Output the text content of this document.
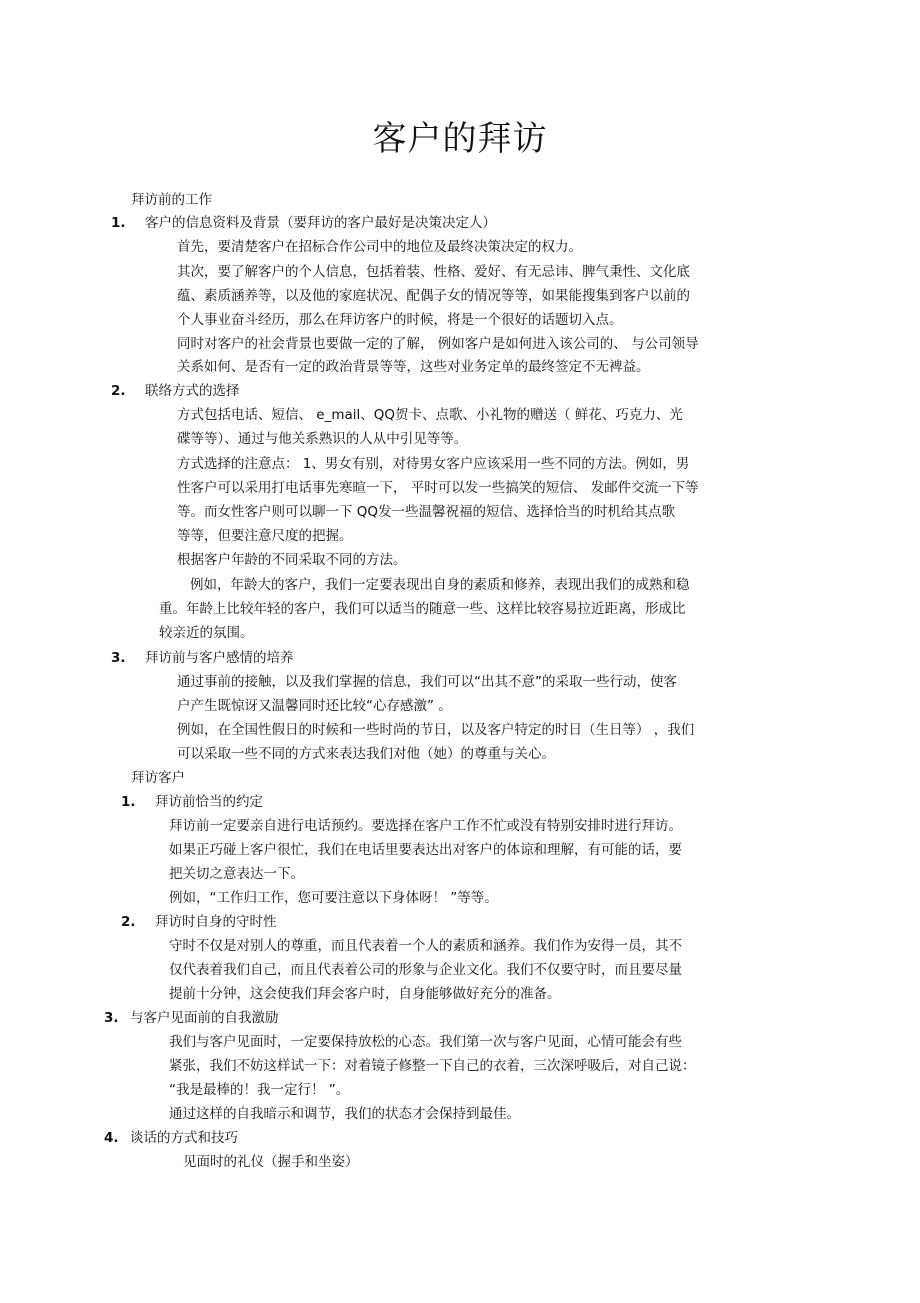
客户的拜访
拜访前的工作
1. 客户的信息资料及背景（要拜访的客户最好是决策决定人）
首先，要清楚客户在招标合作公司中的地位及最终决策决定的权力。
其次，要了解客户的个人信息，包括着装、性格、爱好、有无忌讳、脾气秉性、文化底
蕴、素质涵养等，以及他的家庭状况、配偶子女的情况等等，如果能搜集到客户以前的
个人事业奋斗经历，那么在拜访客户的时候，将是一个很好的话题切入点。
同时对客户的社会背景也要做一定的了解， 例如客户是如何进入该公司的、 与公司领导
关系如何、是否有一定的政治背景等等，这些对业务定单的最终签定不无裨益。
2. 联络方式的选择
方式包括电话、短信、 e_mail、QQ贺卡、点歌、小礼物的赠送（ 鲜花、巧克力、光
碟等等）、通过与他关系熟识的人从中引见等等。
方式选择的注意点： 1、男女有别，对待男女客户应该采用一些不同的方法。例如，男
性客户可以采用打电话事先寒暄一下， 平时可以发一些搞笑的短信、 发邮件交流一下等
等。而女性客户则可以聊一下 QQ发一些温馨祝福的短信、选择恰当的时机给其点歌
等等，但要注意尺度的把握。
根据客户年龄的不同采取不同的方法。
例如，年龄大的客户，我们一定要表现出自身的素质和修养，表现出我们的成熟和稳
重。年龄上比较年轻的客户，我们可以适当的随意一些、这样比较容易拉近距离，形成比
较亲近的氛围。
3. 拜访前与客户感情的培养
通过事前的接触，以及我们掌握的信息，我们可以“出其不意”的采取一些行动，使客
户产生既惊讶又温馨同时还比较“心存感激” 。
例如，在全国性假日的时候和一些时尚的节日，以及客户特定的时日（生日等） ，我们
可以采取一些不同的方式来表达我们对他（她）的尊重与关心。
拜访客户
1. 拜访前恰当的约定
拜访前一定要亲自进行电话预约。要选择在客户工作不忙或没有特别安排时进行拜访。
如果正巧碰上客户很忙，我们在电话里要表达出对客户的体谅和理解，有可能的话，要
把关切之意表达一下。
例如，“工作归工作，您可要注意以下身体呀！ ”等等。
2. 拜访时自身的守时性
守时不仅是对别人的尊重，而且代表着一个人的素质和涵养。我们作为安得一员，其不
仅代表着我们自己，而且代表着公司的形象与企业文化。我们不仅要守时，而且要尽量
提前十分钟，这会使我们拜会客户时，自身能够做好充分的准备。
3. 与客户见面前的自我激励
我们与客户见面时，一定要保持放松的心态。我们第一次与客户见面，心情可能会有些
紧张，我们不妨这样试一下：对着镜子修整一下自己的衣着，三次深呼吸后，对自己说：
“我是最棒的！我一定行！ ”。
通过这样的自我暗示和调节，我们的状态才会保持到最佳。
4. 谈话的方式和技巧
见面时的礼仪（握手和坐姿）
